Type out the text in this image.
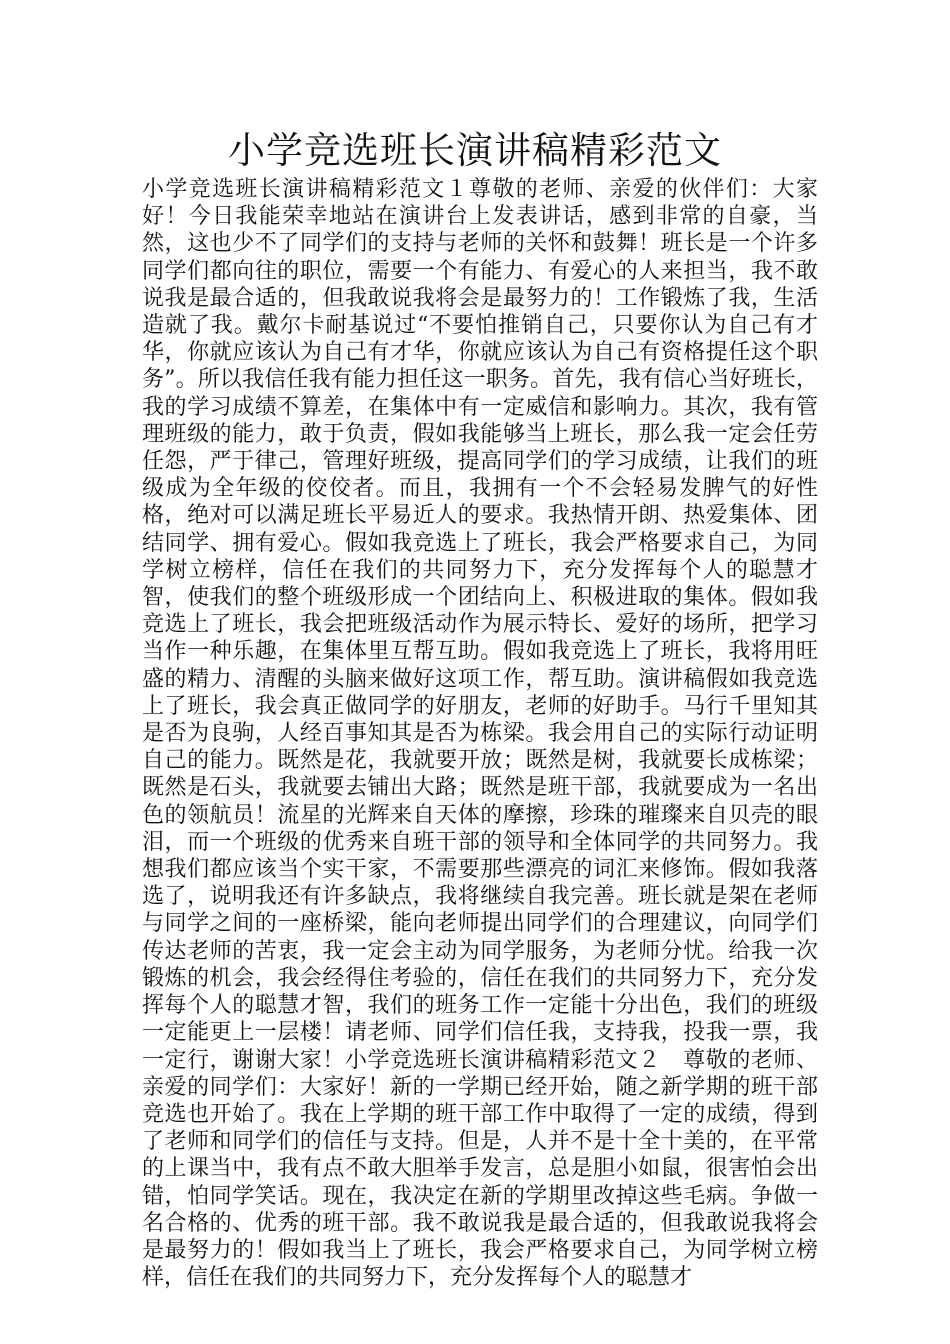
小学竞选班长演讲稿精彩范文

小学竞选班长演讲稿精彩范文１尊敬的老师、亲爱的伙伴们：大家好！今日我能荣幸地站在演讲台上发表讲话，感到非常的自豪，当然，这也少不了同学们的支持与老师的关怀和鼓舞！班长是一个许多同学们都向往的职位，需要一个有能力、有爱心的人来担当，我不敢说我是最合适的，但我敢说我将会是最努力的！工作锻炼了我，生活造就了我。戴尔卡耐基说过“不要怕推销自己，只要你认为自己有才华，你就应该认为自己有才华，你就应该认为自己有资格提任这个职务”。所以我信任我有能力担任这一职务。首先，我有信心当好班长，我的学习成绩不算差，在集体中有一定威信和影响力。其次，我有管理班级的能力，敢于负责，假如我能够当上班长，那么我一定会任劳任怨，严于律己，管理好班级，提高同学们的学习成绩，让我们的班级成为全年级的佼佼者。而且，我拥有一个不会轻易发脾气的好性格，绝对可以满足班长平易近人的要求。我热情开朗、热爱集体、团结同学、拥有爱心。假如我竞选上了班长，我会严格要求自己，为同学树立榜样，信任在我们的共同努力下，充分发挥每个人的聪慧才智，使我们的整个班级形成一个团结向上、积极进取的集体。假如我竞选上了班长，我会把班级活动作为展示特长、爱好的场所，把学习当作一种乐趣，在集体里互帮互助。假如我竞选上了班长，我将用旺盛的精力、清醒的头脑来做好这项工作，帮互助。演讲稿假如我竞选上了班长，我会真正做同学的好朋友，老师的好助手。马行千里知其是否为良驹，人经百事知其是否为栋梁。我会用自己的实际行动证明自己的能力。既然是花，我就要开放；既然是树，我就要长成栋梁；既然是石头，我就要去铺出大路；既然是班干部，我就要成为一名出色的领航员！流星的光辉来自天体的摩擦，珍珠的璀璨来自贝壳的眼泪，而一个班级的优秀来自班干部的领导和全体同学的共同努力。我想我们都应该当个实干家，不需要那些漂亮的词汇来修饰。假如我落选了，说明我还有许多缺点，我将继续自我完善。班长就是架在老师与同学之间的一座桥梁，能向老师提出同学们的合理建议，向同学们传达老师的苦衷，我一定会主动为同学服务，为老师分忧。给我一次锻炼的机会，我会经得住考验的，信任在我们的共同努力下，充分发挥每个人的聪慧才智，我们的班务工作一定能十分出色，我们的班级一定能更上一层楼！请老师、同学们信任我，支持我，投我一票，我一定行，谢谢大家！小学竞选班长演讲稿精彩范文２　尊敬的老师、亲爱的同学们：大家好！新的一学期已经开始，随之新学期的班干部竞选也开始了。我在上学期的班干部工作中取得了一定的成绩，得到了老师和同学们的信任与支持。但是，人并不是十全十美的，在平常的上课当中，我有点不敢大胆举手发言，总是胆小如鼠，很害怕会出错，怕同学笑话。现在，我决定在新的学期里改掉这些毛病。争做一名合格的、优秀的班干部。我不敢说我是最合适的，但我敢说我将会是最努力的！假如我当上了班长，我会严格要求自己，为同学树立榜样，信任在我们的共同努力下，充分发挥每个人的聪慧才
